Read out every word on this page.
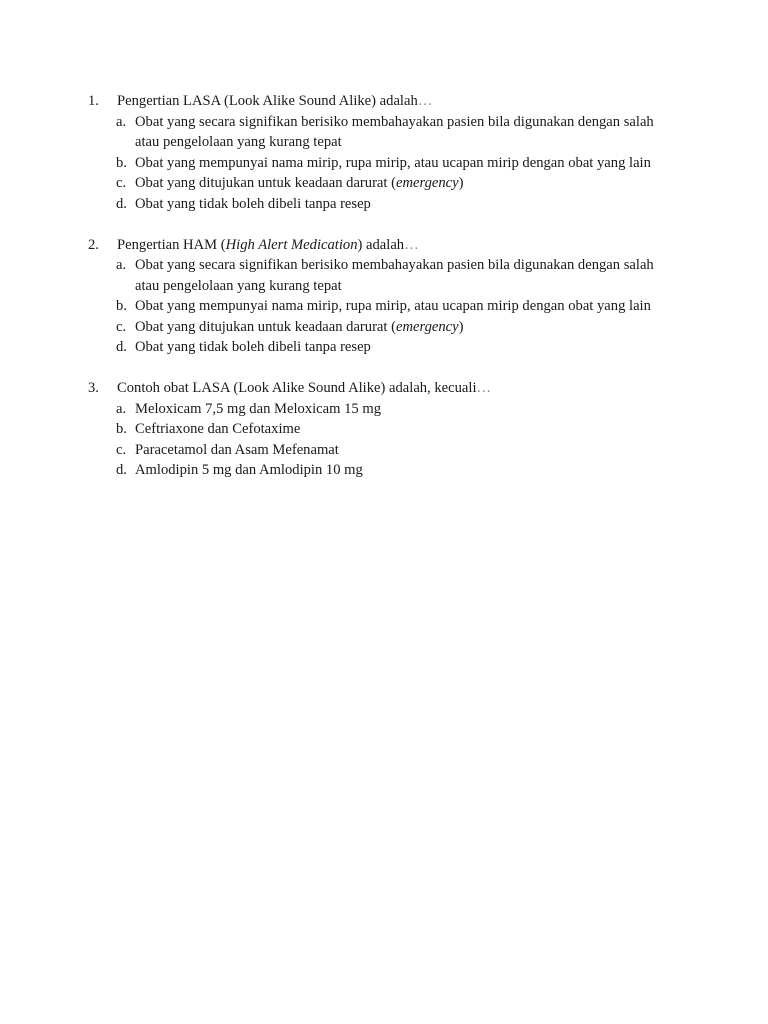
1. Pengertian LASA (Look Alike Sound Alike) adalah…
a. Obat yang secara signifikan berisiko membahayakan pasien bila digunakan dengan salah atau pengelolaan yang kurang tepat
b. Obat yang mempunyai nama mirip, rupa mirip, atau ucapan mirip dengan obat yang lain
c. Obat yang ditujukan untuk keadaan darurat (emergency)
d. Obat yang tidak boleh dibeli tanpa resep
2. Pengertian HAM (High Alert Medication) adalah…
a. Obat yang secara signifikan berisiko membahayakan pasien bila digunakan dengan salah atau pengelolaan yang kurang tepat
b. Obat yang mempunyai nama mirip, rupa mirip, atau ucapan mirip dengan obat yang lain
c. Obat yang ditujukan untuk keadaan darurat (emergency)
d. Obat yang tidak boleh dibeli tanpa resep
3. Contoh obat LASA (Look Alike Sound Alike) adalah, kecuali…
a. Meloxicam 7,5 mg dan Meloxicam 15 mg
b. Ceftriaxone dan Cefotaxime
c. Paracetamol dan Asam Mefenamat
d. Amlodipin 5 mg dan Amlodipin 10 mg
